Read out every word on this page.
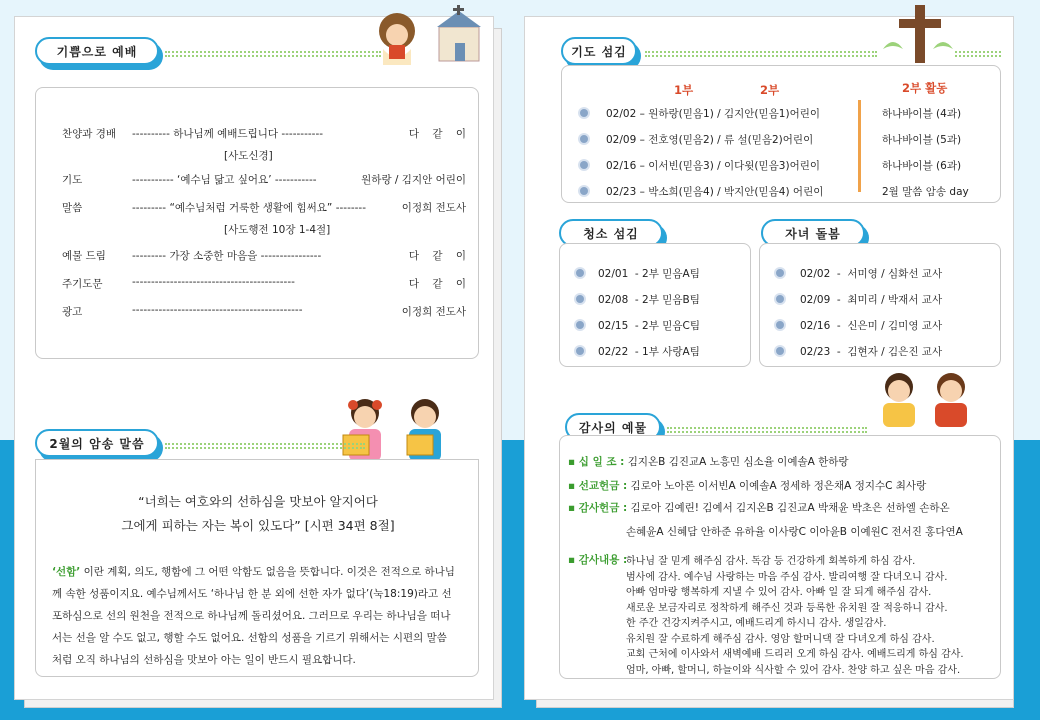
기쁨으로 예배
찬양과 경배 ---------- 하나님께 예배드립니다 -----------	다    같    이
[사도신경]
기도	----------- ‘예수님 닮고 싶어요’ -----------	원하랑 / 김지안 어린이
말씀	--------- “예수님처럼 거룩한 생활에 힘써요” --------	이정희 전도사
[사도행전 10장 1-4절]
예물 드림 --------- 가장 소중한 마음을 ----------------	다    같    이
주기도문	-------------------------------------------	다    같    이
광고	---------------------------------------------	이정희 전도사
2월의 암송 말씀
“너희는 여호와의 선하심을 맛보아 알지어다
그에게 피하는 자는 복이 있도다” [시편 34편 8절]
‘선함’ 이란 계획, 의도, 행함에 그 어떤 악함도 없음을 뜻합니다. 이것은 전적으로 하나님
께 속한 성품이지요. 예수님께서도 ‘하나님 한 분 외에 선한 자가 없다’(눅18:19)라고 선
포하심으로 선의 원천을 전적으로 하나님께 돌리셨어요. 그러므로 우리는 하나님을 떠나
서는 선을 알 수도 없고, 행할 수도 없어요. 선함의 성품을 기르기 위해서는 시편의 말씀
처럼 오직 하나님의 선하심을 맛보아 아는 일이 반드시 필요합니다.
기도 섬김
1부	2부	2부 활동
02/02 – 원하랑(믿음1) / 김지안(믿음1)어린이	하나바이블 (4과)
02/09 – 전호영(믿음2) / 류 설(믿음2)어린이	하나바이블 (5과)
02/16 – 이서빈(믿음3) / 이다윗(믿음3)어린이	하나바이블 (6과)
02/23 – 박소희(믿음4) / 박지안(믿음4) 어린이	2월 말씀 암송 day
청소 섬김
02/01  - 2부 믿음A팀
02/08  - 2부 믿음B팀
02/15  - 2부 믿음C팀
02/22  - 1부 사랑A팀
자녀 돌봄
02/02  -  서미영 / 심화선 교사
02/09  -  최미리 / 박재서 교사
02/16  -  신은미 / 김미영 교사
02/23  -  김현자 / 김은진 교사
감사의 예물
▪ 십 일 조 : 김지온B 김진교A 노흥민 심소율 이예솔A 한하랑
▪ 선교헌금 : 김로아 노아론 이서빈A 이예솔A 정세하 정은채A 정지수C 최사랑
▪ 감사헌금 : 김로아 김예린! 김예서 김지온B 김진교A 박채윤 박초은 선하엘 손하온
손혜윤A 신혜담 안하준 유하율 이사랑C 이아윤B 이예원C 전서진 홍다연A
▪ 감사내용 :
하나님 잘 믿게 해주심 감사. 독감 등 건강하게 회복하게 하심 감사.
범사에 감사. 예수님 사랑하는 마음 주심 감사. 발리여행 잘 다녀오니 감사.
아빠 엄마랑 행복하게 지낼 수 있어 감사. 아빠 일 잘 되게 해주심 감사.
새로운 보금자리로 정착하게 해주신 것과 등록한 유치원 잘 적응하니 감사.
한 주간 건강지켜주시고, 예배드리게 하시니 감사. 생일감사.
유치원 잘 수료하게 해주심 감사. 영암 할머니댁 잘 다녀오게 하심 감사.
교회 근처에 이사와서 새벽예배 드리러 오게 하심 감사. 예배드리게 하심 감사.
엄마, 아빠, 할머니, 하늘이와 식사할 수 있어 감사. 찬양 하고 싶은 마음 감사.
